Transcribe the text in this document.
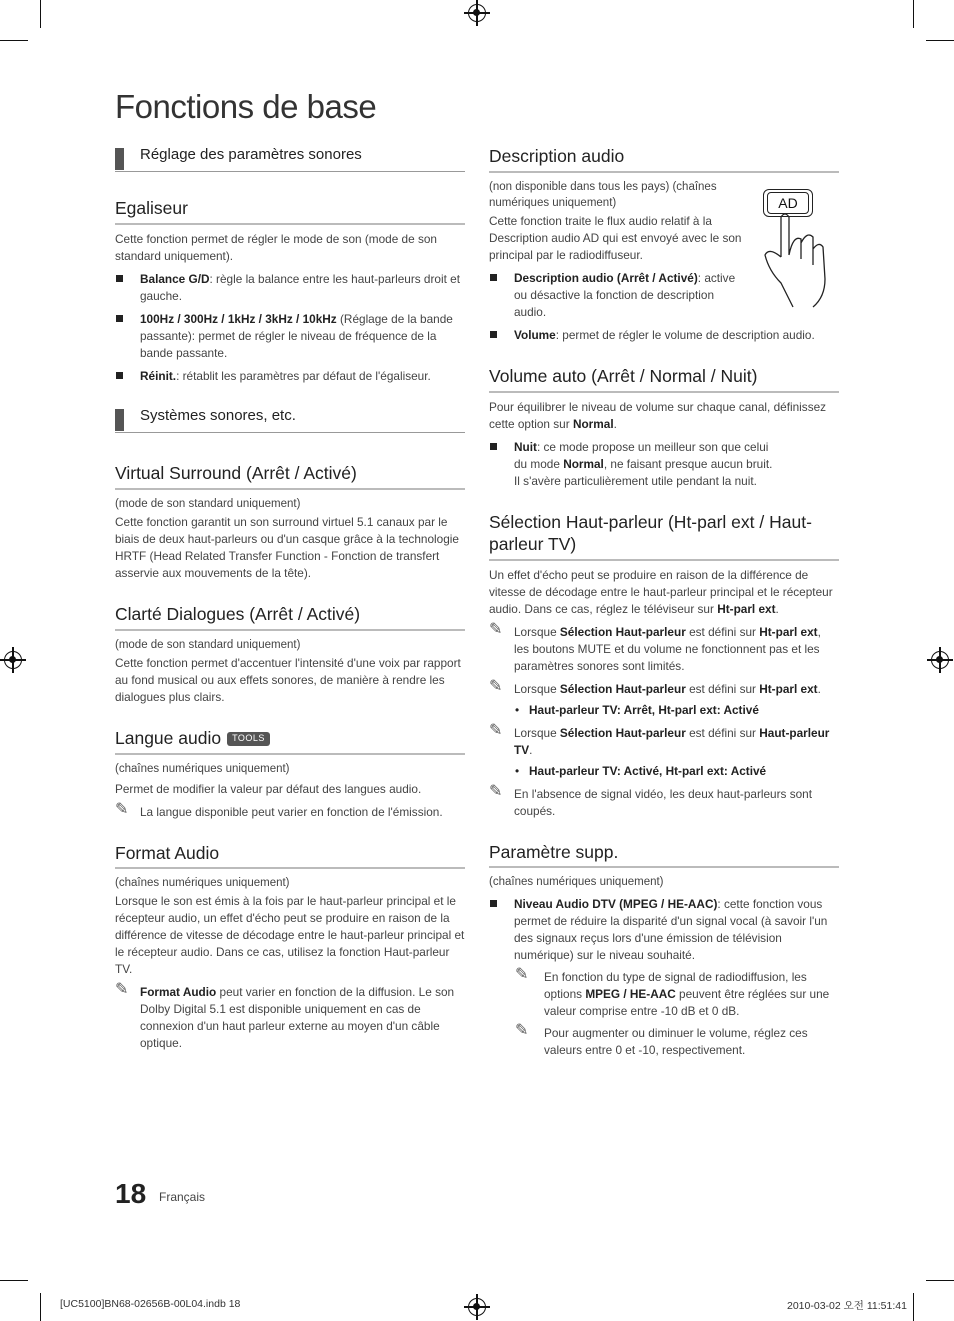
Fonctions de base
Réglage des paramètres sonores
Egaliseur
Cette fonction permet de régler le mode de son (mode de son standard uniquement).
Balance G/D: règle la balance entre les haut-parleurs droit et gauche.
100Hz / 300Hz / 1kHz / 3kHz / 10kHz (Réglage de la bande passante): permet de régler le niveau de fréquence de la bande passante.
Réinit.: rétablit les paramètres par défaut de l'égaliseur.
Systèmes sonores, etc.
Virtual Surround (Arrêt / Activé)
(mode de son standard uniquement)
Cette fonction garantit un son surround virtuel 5.1 canaux par le biais de deux haut-parleurs ou d'un casque grâce à la technologie HRTF (Head Related Transfer Function - Fonction de transfert asservie aux mouvements de la tête).
Clarté Dialogues (Arrêt / Activé)
(mode de son standard uniquement)
Cette fonction permet d'accentuer l'intensité d'une voix par rapport au fond musical ou aux effets sonores, de manière à rendre les dialogues plus clairs.
Langue audio TOOLS
(chaînes numériques uniquement)
Permet de modifier la valeur par défaut des langues audio.
✎ La langue disponible peut varier en fonction de l'émission.
Format Audio
(chaînes numériques uniquement)
Lorsque le son est émis à la fois par le haut-parleur principal et le récepteur audio, un effet d'écho peut se produire en raison de la différence de vitesse de décodage entre le haut-parleur principal et le récepteur audio. Dans ce cas, utilisez la fonction Haut-parleur TV.
✎ Format Audio peut varier en fonction de la diffusion. Le son Dolby Digital 5.1 est disponible uniquement en cas de connexion d'un haut parleur externe au moyen d'un câble optique.
Description audio
(non disponible dans tous les pays) (chaînes numériques uniquement)
Cette fonction traite le flux audio relatif à la Description audio AD qui est envoyé avec le son principal par le radiodiffuseur.
Description audio (Arrêt / Activé): active ou désactive la fonction de description audio.
AD
Volume: permet de régler le volume de description audio.
Volume auto (Arrêt / Normal / Nuit)
Pour équilibrer le niveau de volume sur chaque canal, définissez cette option sur Normal.
Nuit: ce mode propose un meilleur son que celui du mode Normal, ne faisant presque aucun bruit. Il s'avère particulièrement utile pendant la nuit.
Sélection Haut-parleur (Ht-parl ext / Haut-parleur TV)
Un effet d'écho peut se produire en raison de la différence de vitesse de décodage entre le haut-parleur principal et le récepteur audio. Dans ce cas, réglez le téléviseur sur Ht-parl ext.
✎ Lorsque Sélection Haut-parleur est défini sur Ht-parl ext, les boutons MUTE et du volume ne fonctionnent pas et les paramètres sonores sont limités.
✎ Lorsque Sélection Haut-parleur est défini sur Ht-parl ext.
• Haut-parleur TV: Arrêt, Ht-parl ext: Activé
✎ Lorsque Sélection Haut-parleur est défini sur Haut-parleur TV.
• Haut-parleur TV: Activé, Ht-parl ext: Activé
✎ En l'absence de signal vidéo, les deux haut-parleurs sont coupés.
Paramètre supp.
(chaînes numériques uniquement)
Niveau Audio DTV (MPEG / HE-AAC): cette fonction vous permet de réduire la disparité d'un signal vocal (à savoir l'un des signaux reçus lors d'une émission de télévision numérique) sur le niveau souhaité.
✎ En fonction du type de signal de radiodiffusion, les options MPEG / HE-AAC peuvent être réglées sur une valeur comprise entre -10 dB et 0 dB.
✎ Pour augmenter ou diminuer le volume, réglez ces valeurs entre 0 et -10, respectivement.
18 Français
[UC5100]BN68-02656B-00L04.indb 18	2010-03-02 오전 11:51:41
